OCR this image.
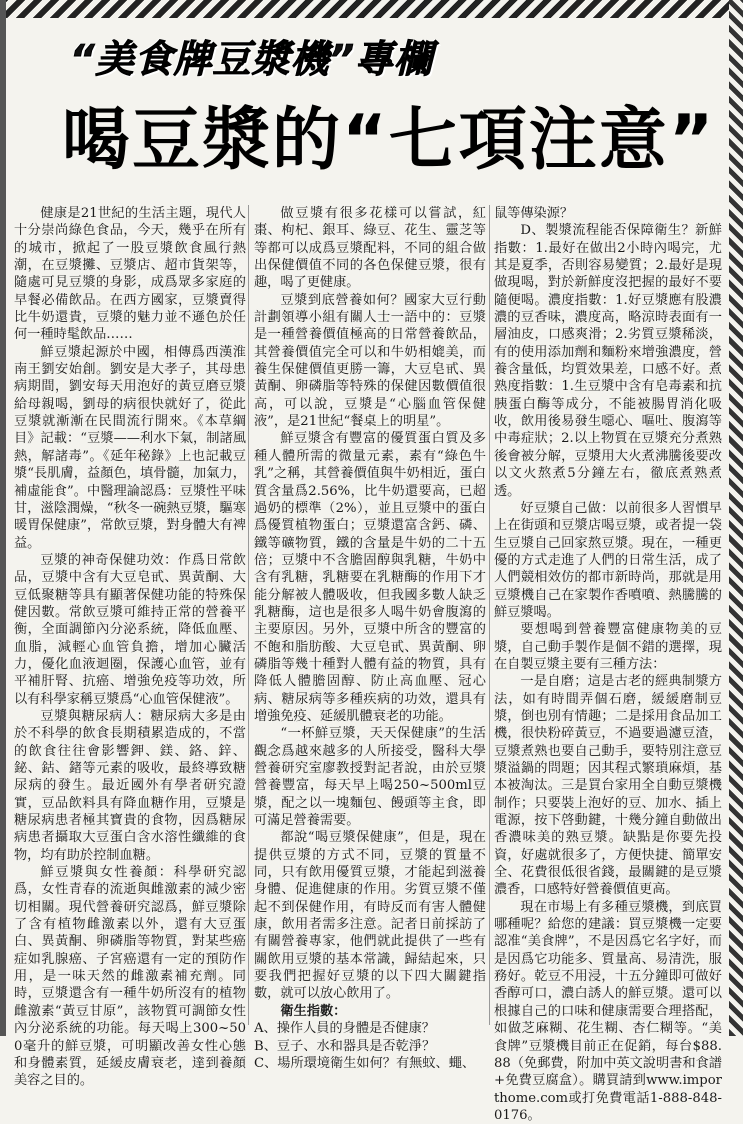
“美食牌豆漿機”專欄
喝豆漿的“七項注意”

健康是21世紀的生活主題，現代人十分崇尚綠色食品，今天，幾乎在所有的城市，掀起了一股豆漿飲食風行熱潮，在豆漿攤、豆漿店、超市貨架等，隨處可見豆漿的身影，成爲眾多家庭的早餐必備飲品。在西方國家，豆漿賣得比牛奶還貴，豆漿的魅力並不遜色於任何一種時髦飲品……

鮮豆漿起源於中國，相傳爲西漢淮南王劉安始創。劉安是大孝子，其母患病期間，劉安每天用泡好的黃豆磨豆漿給母親喝，劉母的病很快就好了，從此豆漿就漸漸在民間流行開來。《本草綱目》記載：“豆漿——利水下氣，制諸風熱，解諸毒”。《延年秘錄》上也記載豆漿“長肌膚，益顏色，填骨髓，加氣力，補虛能食”。中醫理論認爲：豆漿性平味甘，滋陰潤燥，“秋冬一碗熱豆漿，驅寒暖胃保健康”，常飲豆漿，對身體大有裨益。

豆漿的神奇保健功效：作爲日常飲品，豆漿中含有大豆皂甙、異黃酮、大豆低聚糖等具有顯著保健功能的特殊保健因數。常飲豆漿可維持正常的營養平衡，全面調節內分泌系統，降低血壓、血脂，減輕心血管負擔，增加心臟活力，優化血液迴圈，保護心血管，並有平補肝腎、抗癌、增強免疫等功效，所以有科學家稱豆漿爲“心血管保健液”。

豆漿與糖尿病人：糖尿病大多是由於不科學的飲食長期積累造成的，不當的飲食往往會影響鉀、鎂、鉻、鋅、鉍、鈷、鍺等元素的吸收，最終導致糖尿病的發生。最近國外有學者研究證實，豆品飲料具有降血糖作用，豆漿是糖尿病患者極其寶貴的食物，因爲糖尿病患者攝取大豆蛋白含水溶性纖維的食物，均有助於控制血糖。

鮮豆漿與女性養顏：科學研究認爲，女性青春的流逝與雌激素的減少密切相關。現代營養研究認爲，鮮豆漿除了含有植物雌激素以外，還有大豆蛋白、異黃酮、卵磷脂等物質，對某些癌症如乳腺癌、子宮癌還有一定的預防作用，是一味天然的雌激素補充劑。同時，豆漿還含有一種牛奶所沒有的植物雌激素“黃豆甘原”，該物質可調節女性內分泌系統的功能。每天喝上300~500毫升的鮮豆漿，可明顯改善女性心態和身體素質，延緩皮膚衰老，達到養顏美容之目的。

做豆漿有很多花樣可以嘗試，紅棗、枸杞、銀耳、綠豆、花生、靈芝等等都可以成爲豆漿配料，不同的組合做出保健價值不同的各色保健豆漿，很有趣，喝了更健康。

豆漿到底營養如何？國家大豆行動計劃領導小組有關人士一語中的：豆漿是一種營養價值極高的日常營養飲品，其營養價值完全可以和牛奶相媲美，而養生保健價值更勝一籌，大豆皂甙、異黃酮、卵磷脂等特殊的保健因數價值很高，可以說，豆漿是“心腦血管保健液”，是21世紀“餐桌上的明星”。

鮮豆漿含有豐富的優質蛋白質及多種人體所需的微量元素，素有“綠色牛乳”之稱，其營養價值與牛奶相近，蛋白質含量爲2.56%，比牛奶還要高，已超過奶的標準（2%），並且豆漿中的蛋白爲優質植物蛋白；豆漿還富含鈣、磷、鐵等礦物質，鐵的含量是牛奶的二十五倍；豆漿中不含膽固醇與乳糖，牛奶中含有乳糖，乳糖要在乳糖酶的作用下才能分解被人體吸收，但我國多數人缺乏乳糖酶，這也是很多人喝牛奶會腹瀉的主要原因。另外，豆漿中所含的豐富的不飽和脂肪酸、大豆皂甙、異黃酮、卵磷脂等幾十種對人體有益的物質，具有降低人體膽固醇、防止高血壓、冠心病、糖尿病等多種疾病的功效，還具有增強免疫、延緩肌體衰老的功能。

“一杯鮮豆漿，天天保健康”的生活觀念爲越來越多的人所接受，醫科大學營養研究室廖教授對記者說，由於豆漿營養豐富，每天早上喝250~500ml豆漿，配之以一塊麵包、饅頭等主食，即可滿足營養需要。

都說“喝豆漿保健康”，但是，現在提供豆漿的方式不同，豆漿的質量不同，只有飲用優質豆漿，才能起到滋養身體、促進健康的作用。劣質豆漿不僅起不到保健作用，有時反而有害人體健康，飲用者需多注意。記者日前採訪了有關營養專家，他們就此提供了一些有關飲用豆漿的基本常識，歸結起來，只要我們把握好豆漿的以下四大關鍵指數，就可以放心飲用了。

衛生指數：

A、操作人員的身體是否健康？

B、豆子、水和器具是否乾淨？

C、場所環境衛生如何？有無蚊、蠅、

鼠等傳染源？

D、製漿流程能否保障衛生？新鮮指數：1.最好在做出2小時內喝完，尤其是夏季，否則容易變質；2.最好是現做現喝，對於新鮮度沒把握的最好不要隨便喝。濃度指數：1.好豆漿應有股濃濃的豆香味，濃度高，略涼時表面有一層油皮，口感爽滑；2.劣質豆漿稀淡，有的使用添加劑和麵粉來增強濃度，營養含量低，均質效果差，口感不好。煮熟度指數：1.生豆漿中含有皂毒素和抗胰蛋白酶等成分，不能被腸胃消化吸收，飲用後易發生噁心、嘔吐、腹瀉等中毒症狀；2.以上物質在豆漿充分煮熟後會被分解，豆漿用大火煮沸騰後要改以文火熬煮5分鐘左右，徹底煮熟煮透。

好豆漿自己做：以前很多人習慣早上在街頭和豆漿店喝豆漿，或者提一袋生豆漿自己回家熬豆漿。現在，一種更優的方式走進了人們的日常生活，成了人們競相效仿的都市新時尚，那就是用豆漿機自己在家製作香噴噴、熱騰騰的鮮豆漿喝。

要想喝到營養豐富健康物美的豆漿，自己動手製作是個不錯的選擇，現在自製豆漿主要有三種方法：

一是自磨；這是古老的經典制漿方法，如有時間弄個石磨，緩緩磨制豆漿，倒也別有情趣；二是採用食品加工機，很快粉碎黃豆，不過要過濾豆渣，豆漿煮熟也要自己動手，要特別注意豆漿溢鍋的問題；因其程式繁瑣麻煩，基本被淘汰。三是買台家用全自動豆漿機制作；只要裝上泡好的豆、加水、插上電源，按下啓動鍵，十幾分鐘自動做出香濃味美的熟豆漿。缺點是你要先投資，好處就很多了，方便快捷、簡單安全、花費很低很省錢，最關鍵的是豆漿濃香，口感特好營養價值更高。

現在市場上有多種豆漿機，到底買哪種呢？給您的建議：買豆漿機一定要認准“美食牌”，不是因爲它名字好，而是因爲它功能多、質量高、易清洗，服務好。乾豆不用浸，十五分鐘即可做好香醇可口，濃白誘人的鮮豆漿。還可以根據自己的口味和健康需要合理搭配，如做芝麻糊、花生糊、杏仁糊等。“美食牌”豆漿機目前正在促銷，每台$88.88（免郵費，附加中英文說明書和食譜+免費豆腐盒）。購買請到www.importhome.com或打免費電話1-888-848-0176。
